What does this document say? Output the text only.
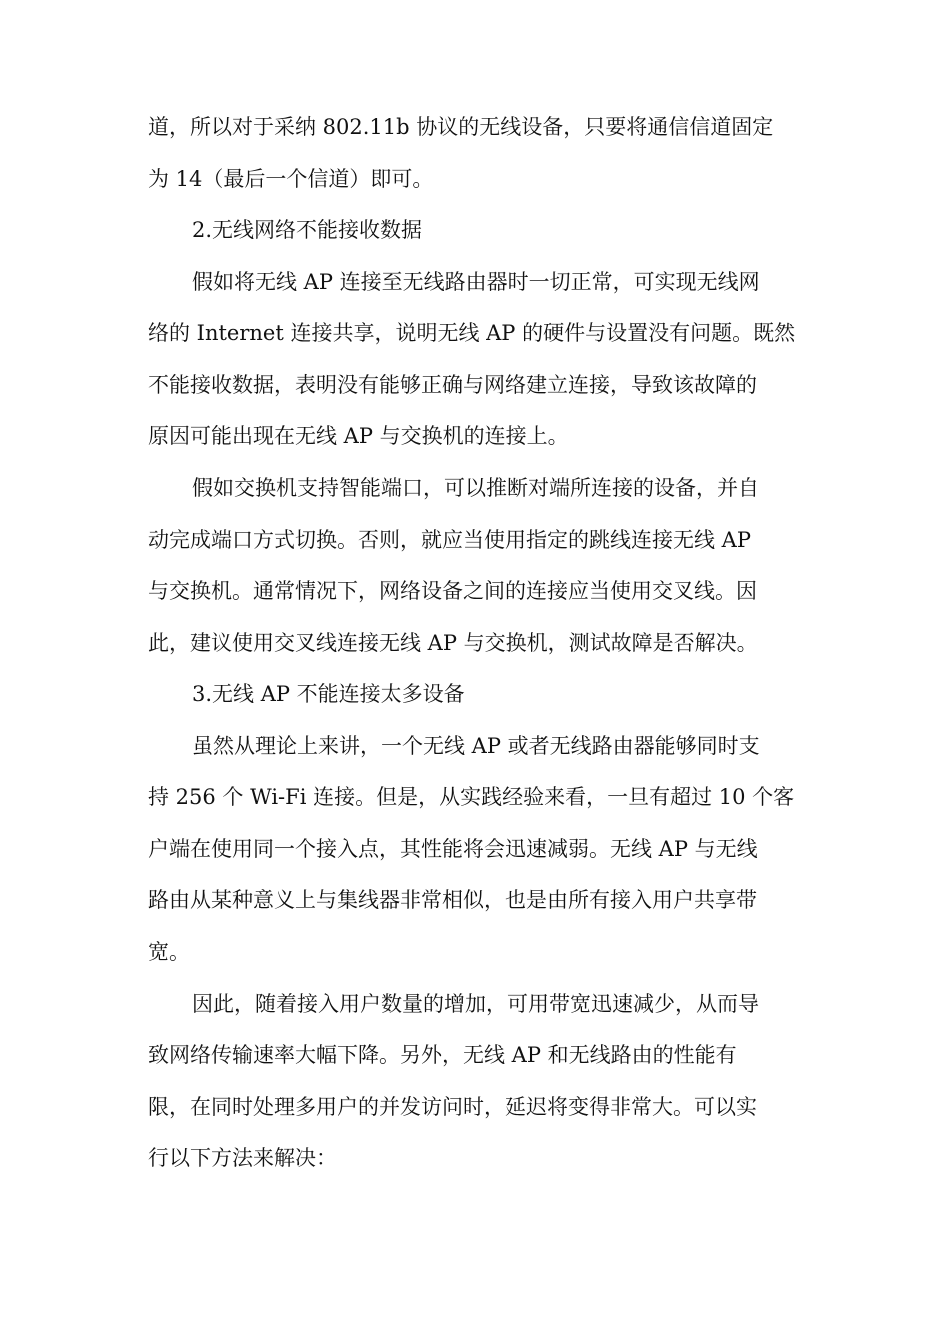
道，所以对于采纳 802.11b 协议的无线设备，只要将通信信道固定
为 14（最后一个信道）即可。
2.无线网络不能接收数据
假如将无线 AP 连接至无线路由器时一切正常，可实现无线网
络的 Internet 连接共享，说明无线 AP 的硬件与设置没有问题。既然
不能接收数据，表明没有能够正确与网络建立连接，导致该故障的
原因可能出现在无线 AP 与交换机的连接上。
假如交换机支持智能端口，可以推断对端所连接的设备，并自
动完成端口方式切换。否则，就应当使用指定的跳线连接无线 AP
与交换机。通常情况下，网络设备之间的连接应当使用交叉线。因
此，建议使用交叉线连接无线 AP 与交换机，测试故障是否解决。
3.无线 AP 不能连接太多设备
虽然从理论上来讲，一个无线 AP 或者无线路由器能够同时支
持 256 个 Wi-Fi 连接。但是，从实践经验来看，一旦有超过 10 个客
户端在使用同一个接入点，其性能将会迅速减弱。无线 AP 与无线
路由从某种意义上与集线器非常相似，也是由所有接入用户共享带
宽。
因此，随着接入用户数量的增加，可用带宽迅速减少，从而导
致网络传输速率大幅下降。另外，无线 AP 和无线路由的性能有
限，在同时处理多用户的并发访问时，延迟将变得非常大。可以实
行以下方法来解决：
